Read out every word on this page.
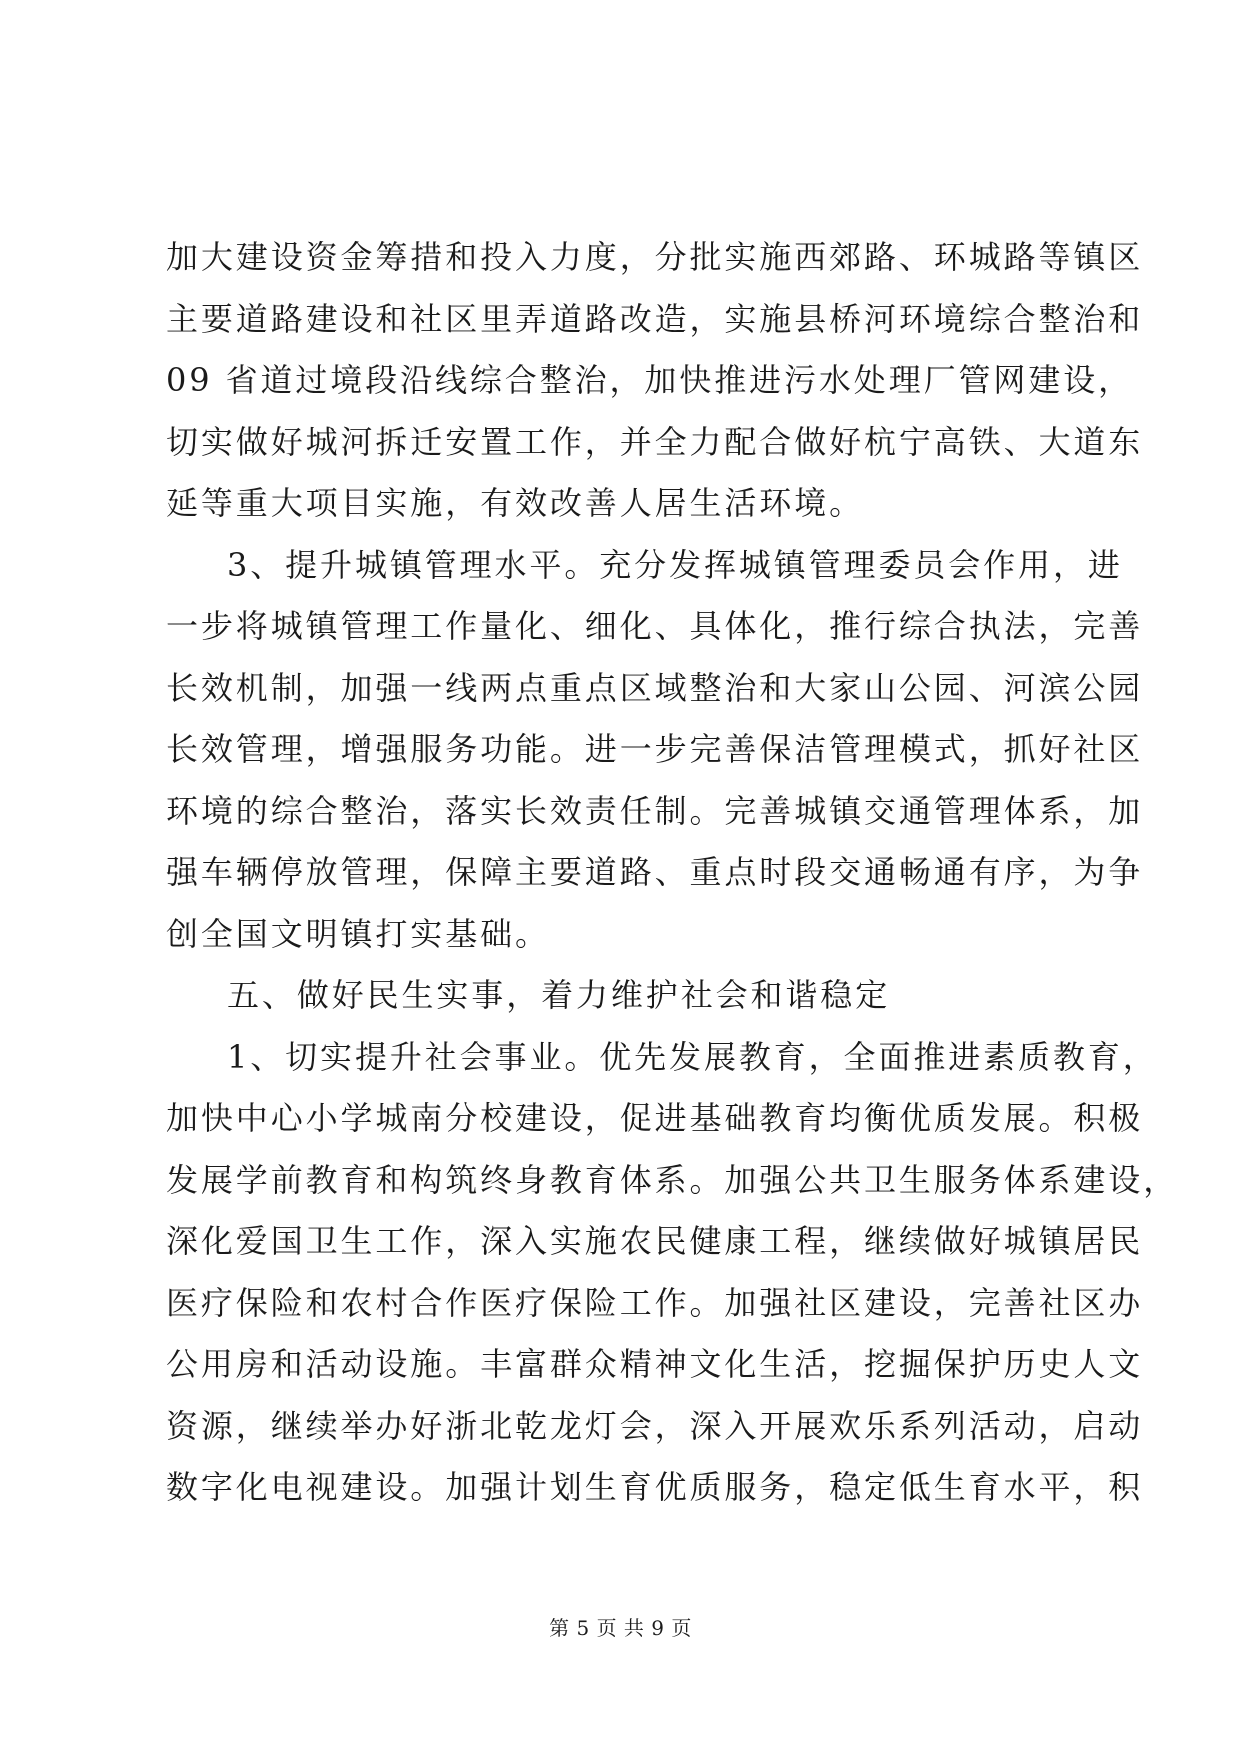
加大建设资金筹措和投入力度，分批实施西郊路、环城路等镇区
主要道路建设和社区里弄道路改造，实施县桥河环境综合整治和
09 省道过境段沿线综合整治，加快推进污水处理厂管网建设，
切实做好城河拆迁安置工作，并全力配合做好杭宁高铁、大道东
延等重大项目实施，有效改善人居生活环境。
3、提升城镇管理水平。充分发挥城镇管理委员会作用，进
一步将城镇管理工作量化、细化、具体化，推行综合执法，完善
长效机制，加强一线两点重点区域整治和大家山公园、河滨公园
长效管理，增强服务功能。进一步完善保洁管理模式，抓好社区
环境的综合整治，落实长效责任制。完善城镇交通管理体系，加
强车辆停放管理，保障主要道路、重点时段交通畅通有序，为争
创全国文明镇打实基础。
五、做好民生实事，着力维护社会和谐稳定
1、切实提升社会事业。优先发展教育，全面推进素质教育，
加快中心小学城南分校建设，促进基础教育均衡优质发展。积极
发展学前教育和构筑终身教育体系。加强公共卫生服务体系建设，
深化爱国卫生工作，深入实施农民健康工程，继续做好城镇居民
医疗保险和农村合作医疗保险工作。加强社区建设，完善社区办
公用房和活动设施。丰富群众精神文化生活，挖掘保护历史人文
资源，继续举办好浙北乾龙灯会，深入开展欢乐系列活动，启动
数字化电视建设。加强计划生育优质服务，稳定低生育水平，积
第 5 页 共 9 页
